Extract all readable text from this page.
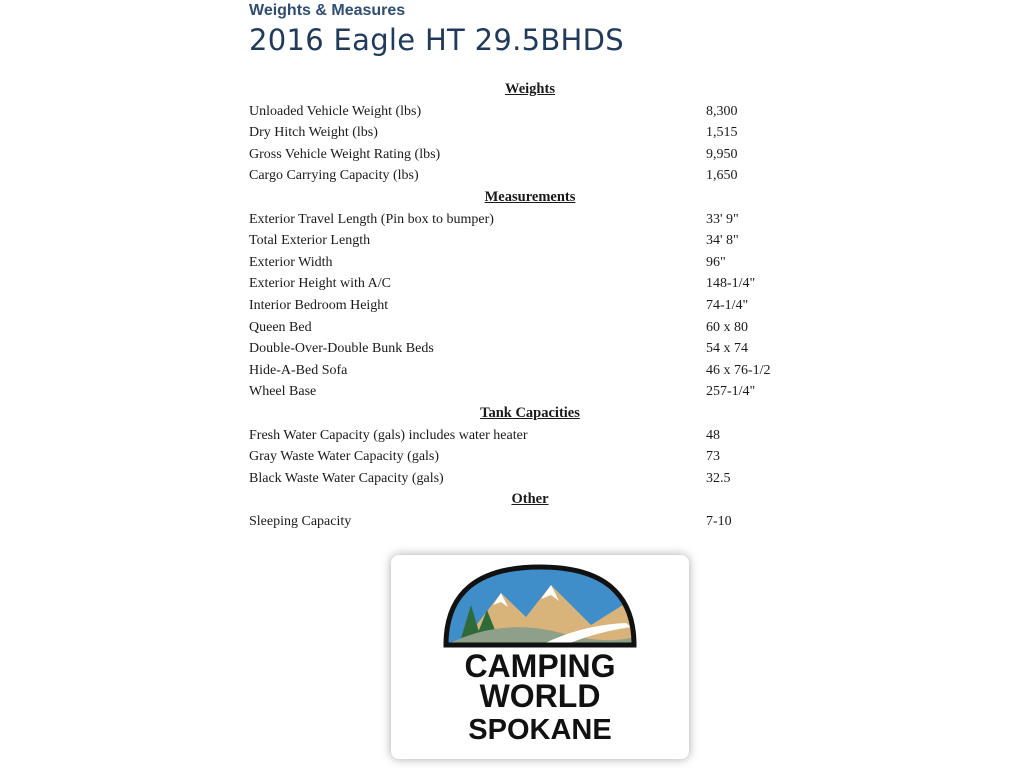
Weights & Measures
2016 Eagle HT 29.5BHDS
Weights
Unloaded Vehicle Weight (lbs)	8,300
Dry Hitch Weight (lbs)	1,515
Gross Vehicle Weight Rating (lbs)	9,950
Cargo Carrying Capacity (lbs)	1,650
Measurements
Exterior Travel Length (Pin box to bumper)	33' 9"
Total Exterior Length	34' 8"
Exterior Width	96"
Exterior Height with A/C	148-1/4"
Interior Bedroom Height	74-1/4"
Queen Bed	60 x 80
Double-Over-Double Bunk Beds	54 x 74
Hide-A-Bed Sofa	46 x 76-1/2
Wheel Base	257-1/4"
Tank Capacities
Fresh Water Capacity (gals) includes water heater	48
Gray Waste Water Capacity (gals)	73
Black Waste Water Capacity (gals)	32.5
Other
Sleeping Capacity	7-10
CAMPING
WORLD
SPOKANE
